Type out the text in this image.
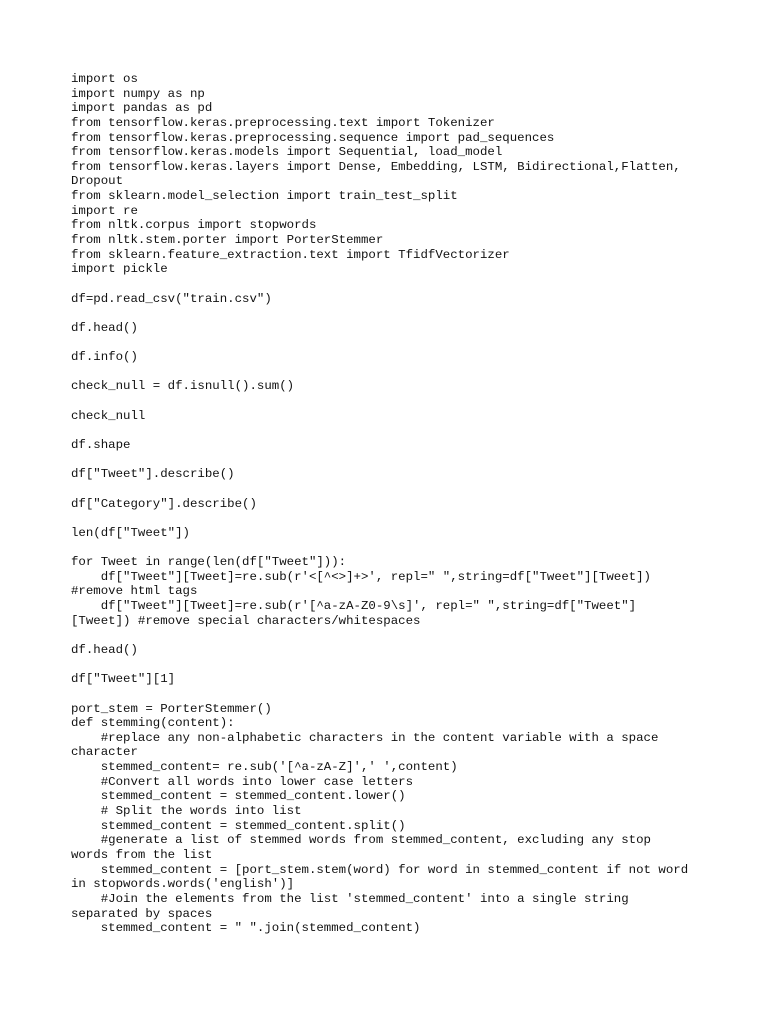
import os
import numpy as np
import pandas as pd
from tensorflow.keras.preprocessing.text import Tokenizer
from tensorflow.keras.preprocessing.sequence import pad_sequences
from tensorflow.keras.models import Sequential, load_model
from tensorflow.keras.layers import Dense, Embedding, LSTM, Bidirectional,Flatten,
Dropout
from sklearn.model_selection import train_test_split
import re
from nltk.corpus import stopwords
from nltk.stem.porter import PorterStemmer
from sklearn.feature_extraction.text import TfidfVectorizer
import pickle
df=pd.read_csv("train.csv")
df.head()
df.info()
check_null = df.isnull().sum()
check_null
df.shape
df["Tweet"].describe()
df["Category"].describe()
len(df["Tweet"])
for Tweet in range(len(df["Tweet"])):
df["Tweet"][Tweet]=re.sub(r'<[^<>]+>', repl=" ",string=df["Tweet"][Tweet])
#remove html tags
df["Tweet"][Tweet]=re.sub(r'[^a-zA-Z0-9\s]', repl=" ",string=df["Tweet"]
[Tweet]) #remove special characters/whitespaces
df.head()
df["Tweet"][1]
port_stem = PorterStemmer()
def stemming(content):
#replace any non-alphabetic characters in the content variable with a space
character
stemmed_content= re.sub('[^a-zA-Z]',' ',content)
#Convert all words into lower case letters
stemmed_content = stemmed_content.lower()
# Split the words into list
stemmed_content = stemmed_content.split()
#generate a list of stemmed words from stemmed_content, excluding any stop
words from the list
stemmed_content = [port_stem.stem(word) for word in stemmed_content if not word
in stopwords.words('english')]
#Join the elements from the list 'stemmed_content' into a single string
separated by spaces
stemmed_content = " ".join(stemmed_content)
